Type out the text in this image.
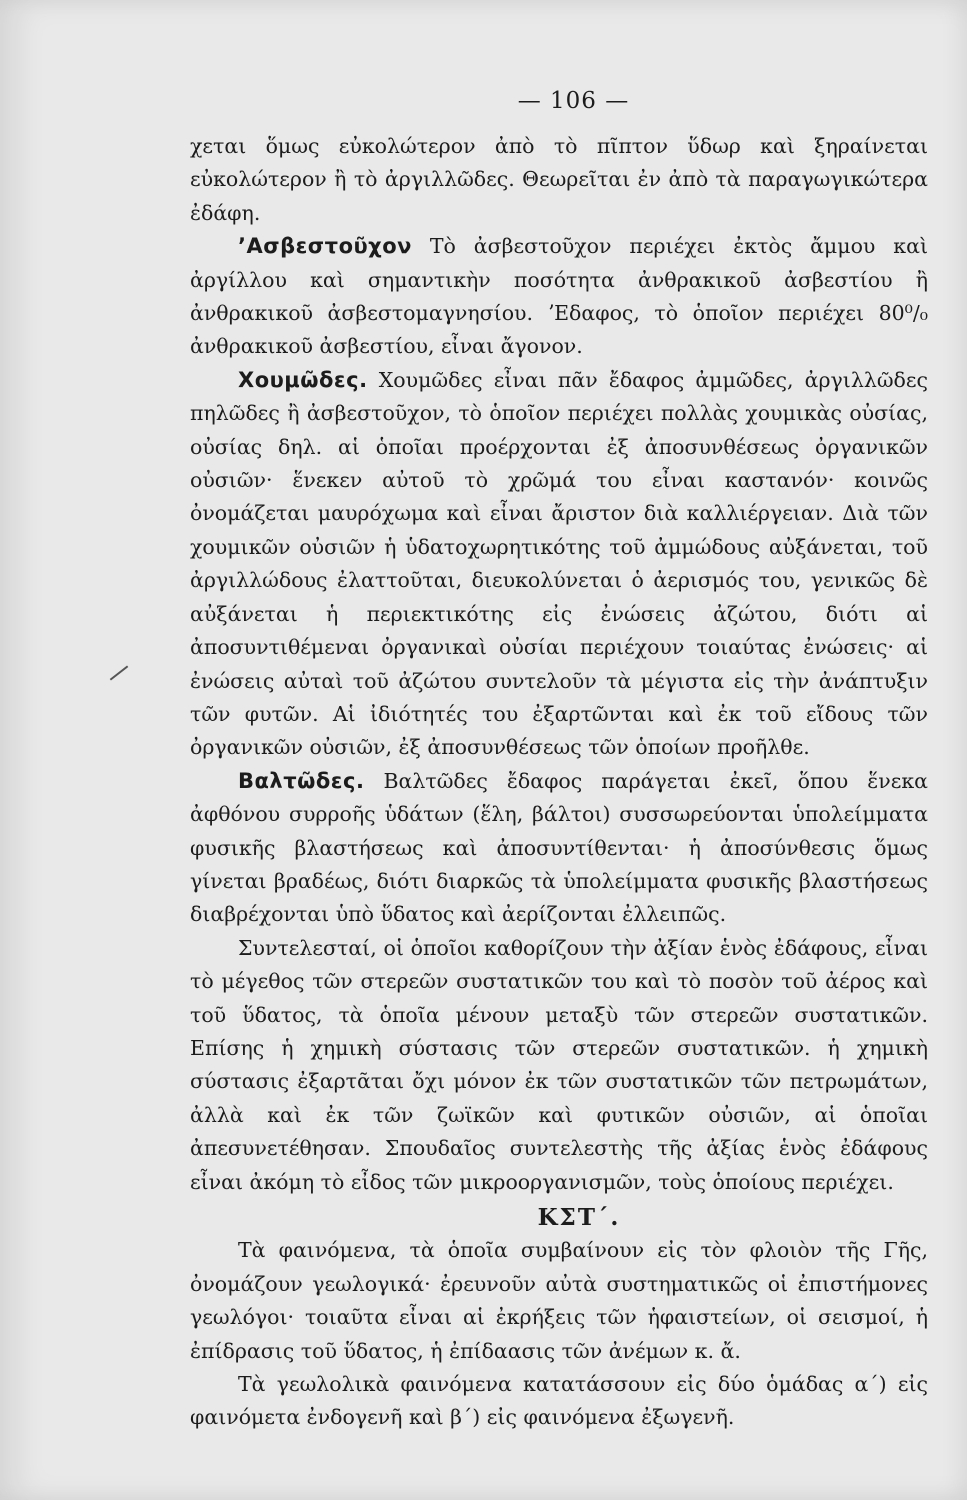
— 106 —

χεται ὅμως εὐκολώτερον ἀπὸ τὸ πῖπτον ὕδωρ καὶ ξηραίνεται εὐκολώτερον ἢ τὸ ἀργιλλῶδες. Θεωρεῖται ἐν ἀπὸ τὰ παραγωγικώτερα ἐδάφη.

ʼΑσβεστοῦχον Τὸ ἀσβεστοῦχον περιέχει ἐκτὸς ἄμμου καὶ ἀργίλλου καὶ σημαντικὴν ποσότητα ἀνθρακικοῦ ἀσβεστίου ἢ ἀνθρακικοῦ ἀσβεστομαγνησίου. ʼΕδαφος, τὸ ὁποῖον περιέχει 80⁰/₀ ἀνθρακικοῦ ἀσβεστίου, εἶναι ἄγονον.

Χουμῶδες. Χουμῶδες εἶναι πᾶν ἔδαφος ἀμμῶδες, ἀργιλλῶδες πηλῶδες ἢ ἀσβεστοῦχον, τὸ ὁποῖον περιέχει πολλὰς χουμικὰς οὐσίας, οὐσίας δηλ. αἱ ὁποῖαι προέρχονται ἐξ ἀποσυνθέσεως ὀργανικῶν οὐσιῶν· ἕνεκεν αὐτοῦ τὸ χρῶμά του εἶναι καστανόν· κοινῶς ὀνομάζεται μαυρόχωμα καὶ εἶναι ἄριστον διὰ καλλιέργειαν. Διὰ τῶν χουμικῶν οὐσιῶν ἡ ὑδατοχωρητικότης τοῦ ἀμμώδους αὐξάνεται, τοῦ ἀργιλλώδους ἐλαττοῦται, διευκολύνεται ὁ ἀερισμός του, γενικῶς δὲ αὐξάνεται ἡ περιεκτικότης εἰς ἐνώσεις ἀζώτου, διότι αἱ ἀποσυντιθέμεναι ὀργανικαὶ οὐσίαι περιέχουν τοιαύτας ἐνώσεις· αἱ ἐνώσεις αὐταὶ τοῦ ἀζώτου συντελοῦν τὰ μέγιστα εἰς τὴν ἀνάπτυξιν τῶν φυτῶν. Αἱ ἰδιότητές του ἐξαρτῶνται καὶ ἐκ τοῦ εἴδους τῶν ὀργανικῶν οὐσιῶν, ἐξ ἀποσυνθέσεως τῶν ὁποίων προῆλθε.

Βαλτῶδες. Βαλτῶδες ἔδαφος παράγεται ἐκεῖ, ὅπου ἕνεκα ἀφθόνου συρροῆς ὑδάτων (ἕλη, βάλτοι) συσσωρεύονται ὑπολείμματα φυσικῆς βλαστήσεως καὶ ἀποσυντίθενται· ἡ ἀποσύνθεσις ὅμως γίνεται βραδέως, διότι διαρκῶς τὰ ὑπολείμματα φυσικῆς βλαστήσεως διαβρέχονται ὑπὸ ὕδατος καὶ ἀερίζονται ἐλλειπῶς.

Συντελεσταί, οἱ ὁποῖοι καθορίζουν τὴν ἀξίαν ἑνὸς ἐδάφους, εἶναι τὸ μέγεθος τῶν στερεῶν συστατικῶν του καὶ τὸ ποσὸν τοῦ ἀέρος καὶ τοῦ ὕδατος, τὰ ὁποῖα μένουν μεταξὺ τῶν στερεῶν συστατικῶν. Επίσης ἡ χημικὴ σύστασις τῶν στερεῶν συστατικῶν. ἡ χημικὴ σύστασις ἐξαρτᾶται ὄχι μόνον ἐκ τῶν συστατικῶν τῶν πετρωμάτων, ἀλλὰ καὶ ἐκ τῶν ζωϊκῶν καὶ φυτικῶν οὐσιῶν, αἱ ὁποῖαι ἀπεσυνετέθησαν. Σπουδαῖος συντελεστὴς τῆς ἀξίας ἑνὸς ἐδάφους εἶναι ἀκόμη τὸ εἶδος τῶν μικροοργανισμῶν, τοὺς ὁποίους περιέχει.

ΚΣΤ΄.

Τὰ φαινόμενα, τὰ ὁποῖα συμβαίνουν εἰς τὸν φλοιὸν τῆς Γῆς, ὀνομάζουν γεωλογικά· ἐρευνοῦν αὐτὰ συστηματικῶς οἱ ἐπιστήμονες γεωλόγοι· τοιαῦτα εἶναι αἱ ἐκρήξεις τῶν ἡφαιστείων, οἱ σεισμοί, ἡ ἐπίδρασις τοῦ ὕδατος, ἡ ἐπίδαασις τῶν ἀνέμων κ. ἄ.

Τὰ γεωλολικὰ φαινόμενα κατατάσσουν εἰς δύο ὁμάδας α΄) εἰς φαινόμετα ἐνδογενῆ καὶ β΄) εἰς φαινόμενα ἐξωγενῆ.
